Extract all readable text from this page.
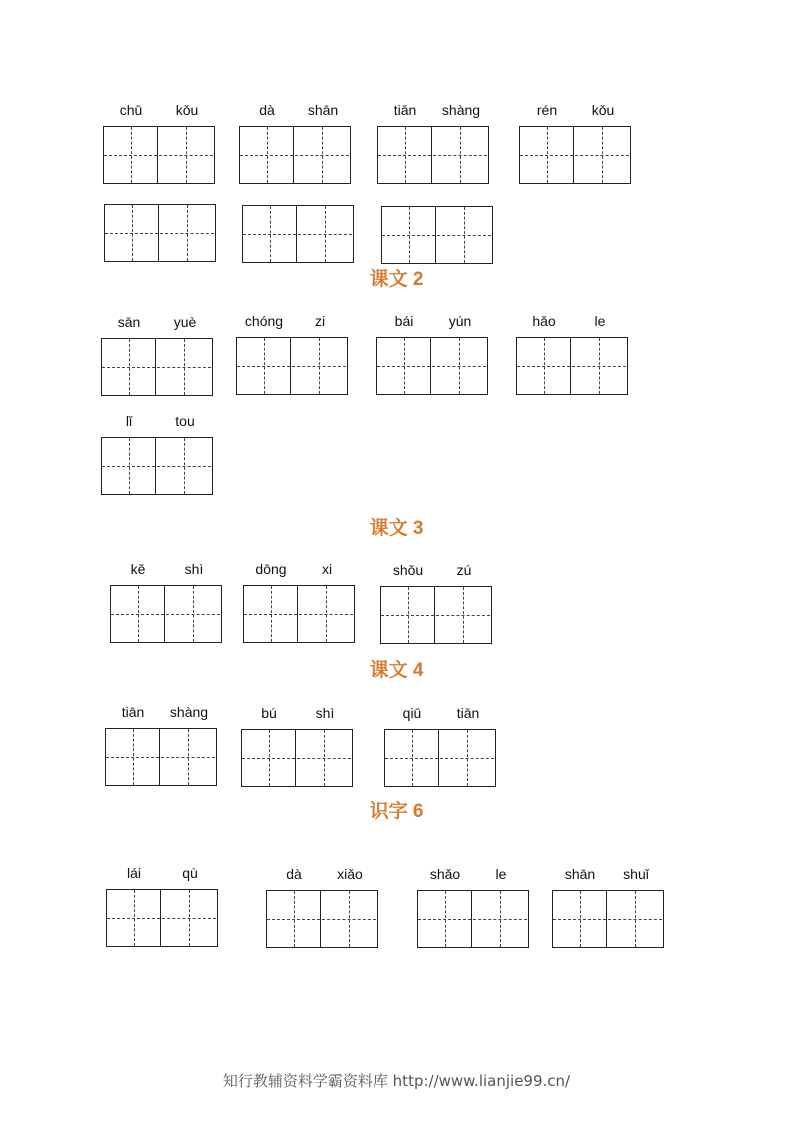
chū	kǒu	dà	shān	tiān	shàng	rén	kǒu
课文 2
sān	yuè	chóng	zi	bái	yún	hǎo	le
lǐ	tou
课文 3
kě	shì	dōng	xi	shǒu	zú
课文 4
tiān	shàng	bú	shì	qiū	tiān
识字 6
lái	qù	dà	xiǎo	shǎo	le	shān	shuǐ
知行教辅资料学霸资料库 http://www.lianjie99.cn/
